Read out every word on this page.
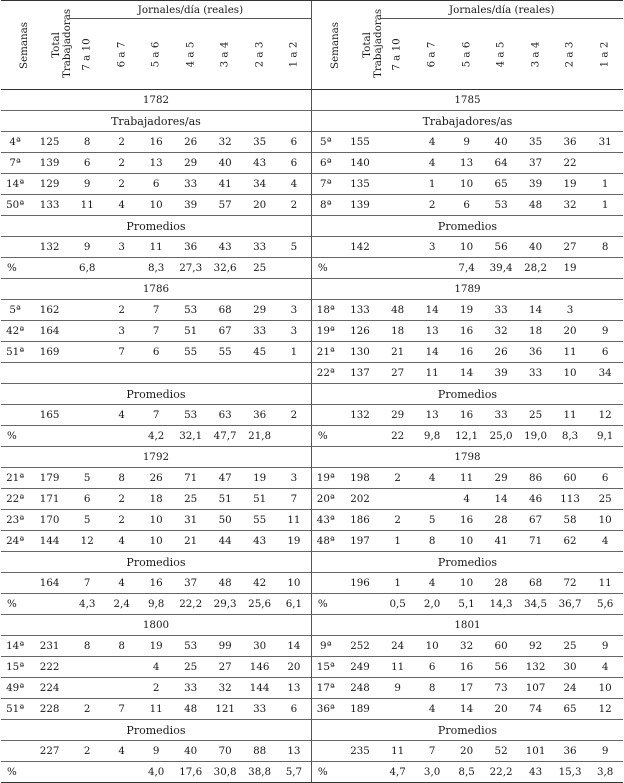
Semanas	Total Trabajadoras	Jornales/día (reales)							Semanas	Total Trabajadoras	Jornales/día (reales)						
		7 a 10	6 a 7	5 a 6	4 a 5	3 a 4	2 a 3	1 a 2			7 a 10	6 a 7	5 a 6	4 a 5	3 a 4	2 a 3	1 a 2
1782									1785								
Trabajadores/as									Trabajadores/as								
4ª	125	8	2	16	26	32	35	6	5ª	155		4	9	40	35	36	31
7ª	139	6	2	13	29	40	43	6	6ª	140		4	13	64	37	22	
14ª	129	9	2	6	33	41	34	4	7ª	135		1	10	65	39	19	1
50ª	133	11	4	10	39	57	20	2	8ª	139		2	6	53	48	32	1
Promedios									Promedios								
	132	9	3	11	36	43	33	5		142		3	10	56	40	27	8
%		6,8		8,3	27,3	32,6	25		%				7,4	39,4	28,2	19	
1786									1789								
5ª	162		2	7	53	68	29	3	18ª	133	48	14	19	33	14	3	
42ª	164		3	7	51	67	33	3	19ª	126	18	13	16	32	18	20	9
51ª	169		7	6	55	55	45	1	21ª	130	21	14	16	26	36	11	6
									22ª	137	27	11	14	39	33	10	34
Promedios									Promedios								
	165		4	7	53	63	36	2		132	29	13	16	33	25	11	12
%				4,2	32,1	47,7	21,8		%		22	9,8	12,1	25,0	19,0	8,3	9,1
1792									1798								
21ª	179	5	8	26	71	47	19	3	19ª	198	2	4	11	29	86	60	6
22ª	171	6	2	18	25	51	51	7	20ª	202			4	14	46	113	25
23ª	170	5	2	10	31	50	55	11	43ª	186	2	5	16	28	67	58	10
24ª	144	12	4	10	21	44	43	19	48ª	197	1	8	10	41	71	62	4
Promedios									Promedios								
	164	7	4	16	37	48	42	10		196	1	4	10	28	68	72	11
%		4,3	2,4	9,8	22,2	29,3	25,6	6,1	%		0,5	2,0	5,1	14,3	34,5	36,7	5,6
1800									1801								
14ª	231	8	8	19	53	99	30	14	9ª	252	24	10	32	60	92	25	9
15ª	222			4	25	27	146	20	15ª	249	11	6	16	56	132	30	4
49ª	224			2	33	32	144	13	17ª	248	9	8	17	73	107	24	10
51ª	228	2	7	11	48	121	33	6	36ª	189		4	14	20	74	65	12
Promedios									Promedios								
	227	2	4	9	40	70	88	13		235	11	7	20	52	101	36	9
%				4,0	17,6	30,8	38,8	5,7	%		4,7	3,0	8,5	22,2	43	15,3	3,8
